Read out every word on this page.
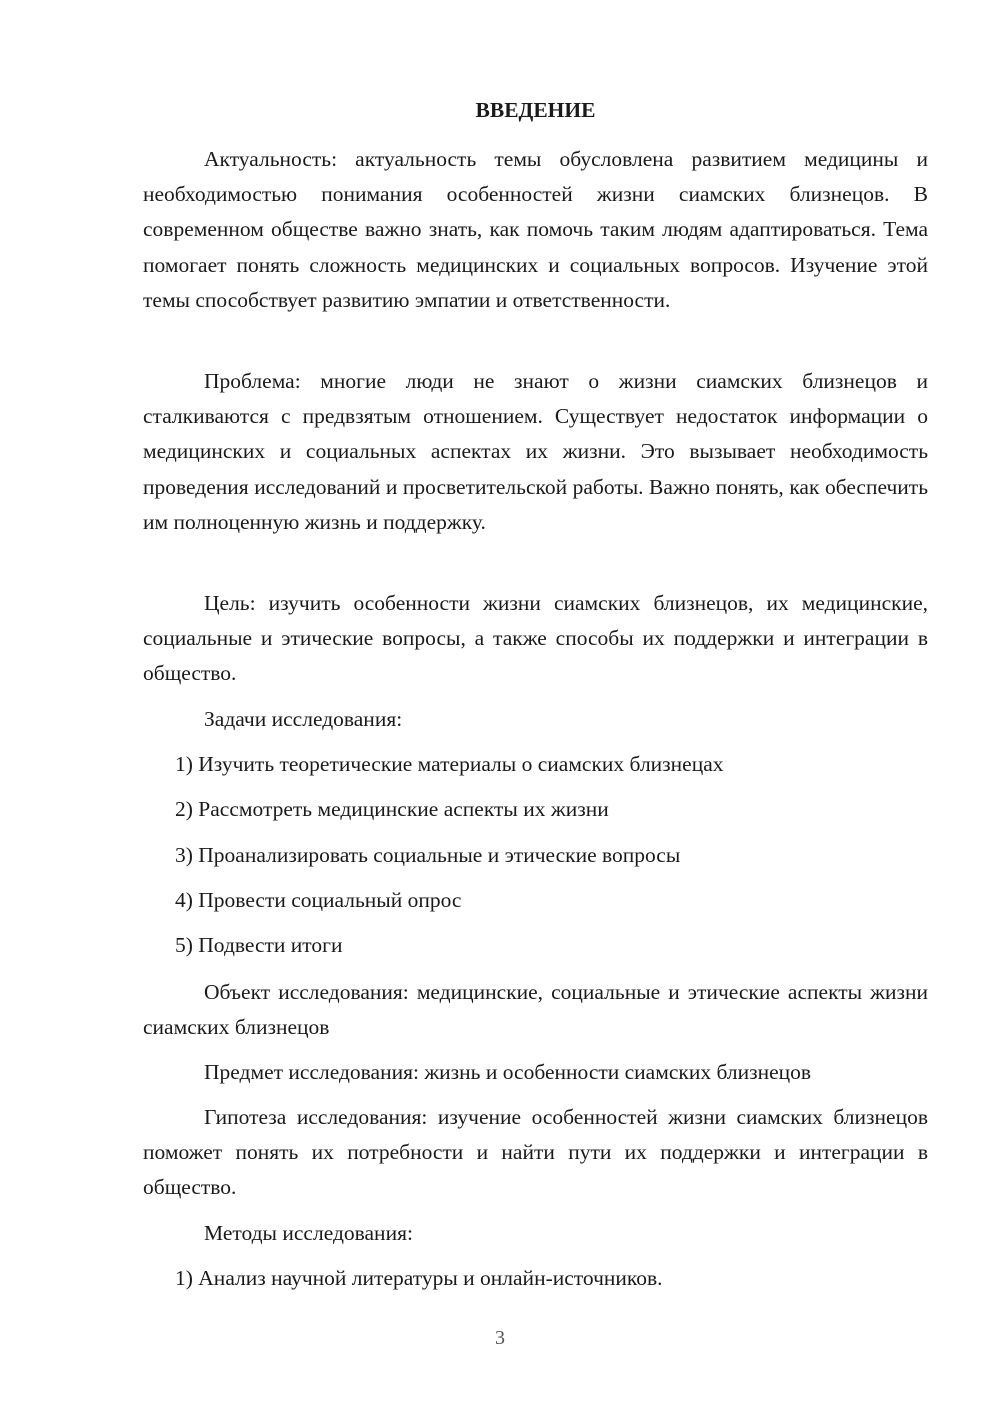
ВВЕДЕНИЕ

Актуальность: актуальность темы обусловлена развитием медицины и необходимостью понимания особенностей жизни сиамских близнецов. В современном обществе важно знать, как помочь таким людям адаптироваться. Тема помогает понять сложность медицинских и социальных вопросов. Изучение этой темы способствует развитию эмпатии и ответственности.

Проблема: многие люди не знают о жизни сиамских близнецов и сталкиваются с предвзятым отношением. Существует недостаток информации о медицинских и социальных аспектах их жизни. Это вызывает необходимость проведения исследований и просветительской работы. Важно понять, как обеспечить им полноценную жизнь и поддержку.

Цель: изучить особенности жизни сиамских близнецов, их медицинские, социальные и этические вопросы, а также способы их поддержки и интеграции в общество.

Задачи исследования:

1) Изучить теоретические материалы о сиамских близнецах

2) Рассмотреть медицинские аспекты их жизни

3) Проанализировать социальные и этические вопросы

4) Провести социальный опрос

5) Подвести итоги

Объект исследования: медицинские, социальные и этические аспекты жизни сиамских близнецов

Предмет исследования: жизнь и особенности сиамских близнецов

Гипотеза исследования: изучение особенностей жизни сиамских близнецов поможет понять их потребности и найти пути их поддержки и интеграции в общество.

Методы исследования:

1) Анализ научной литературы и онлайн-источников.

3
